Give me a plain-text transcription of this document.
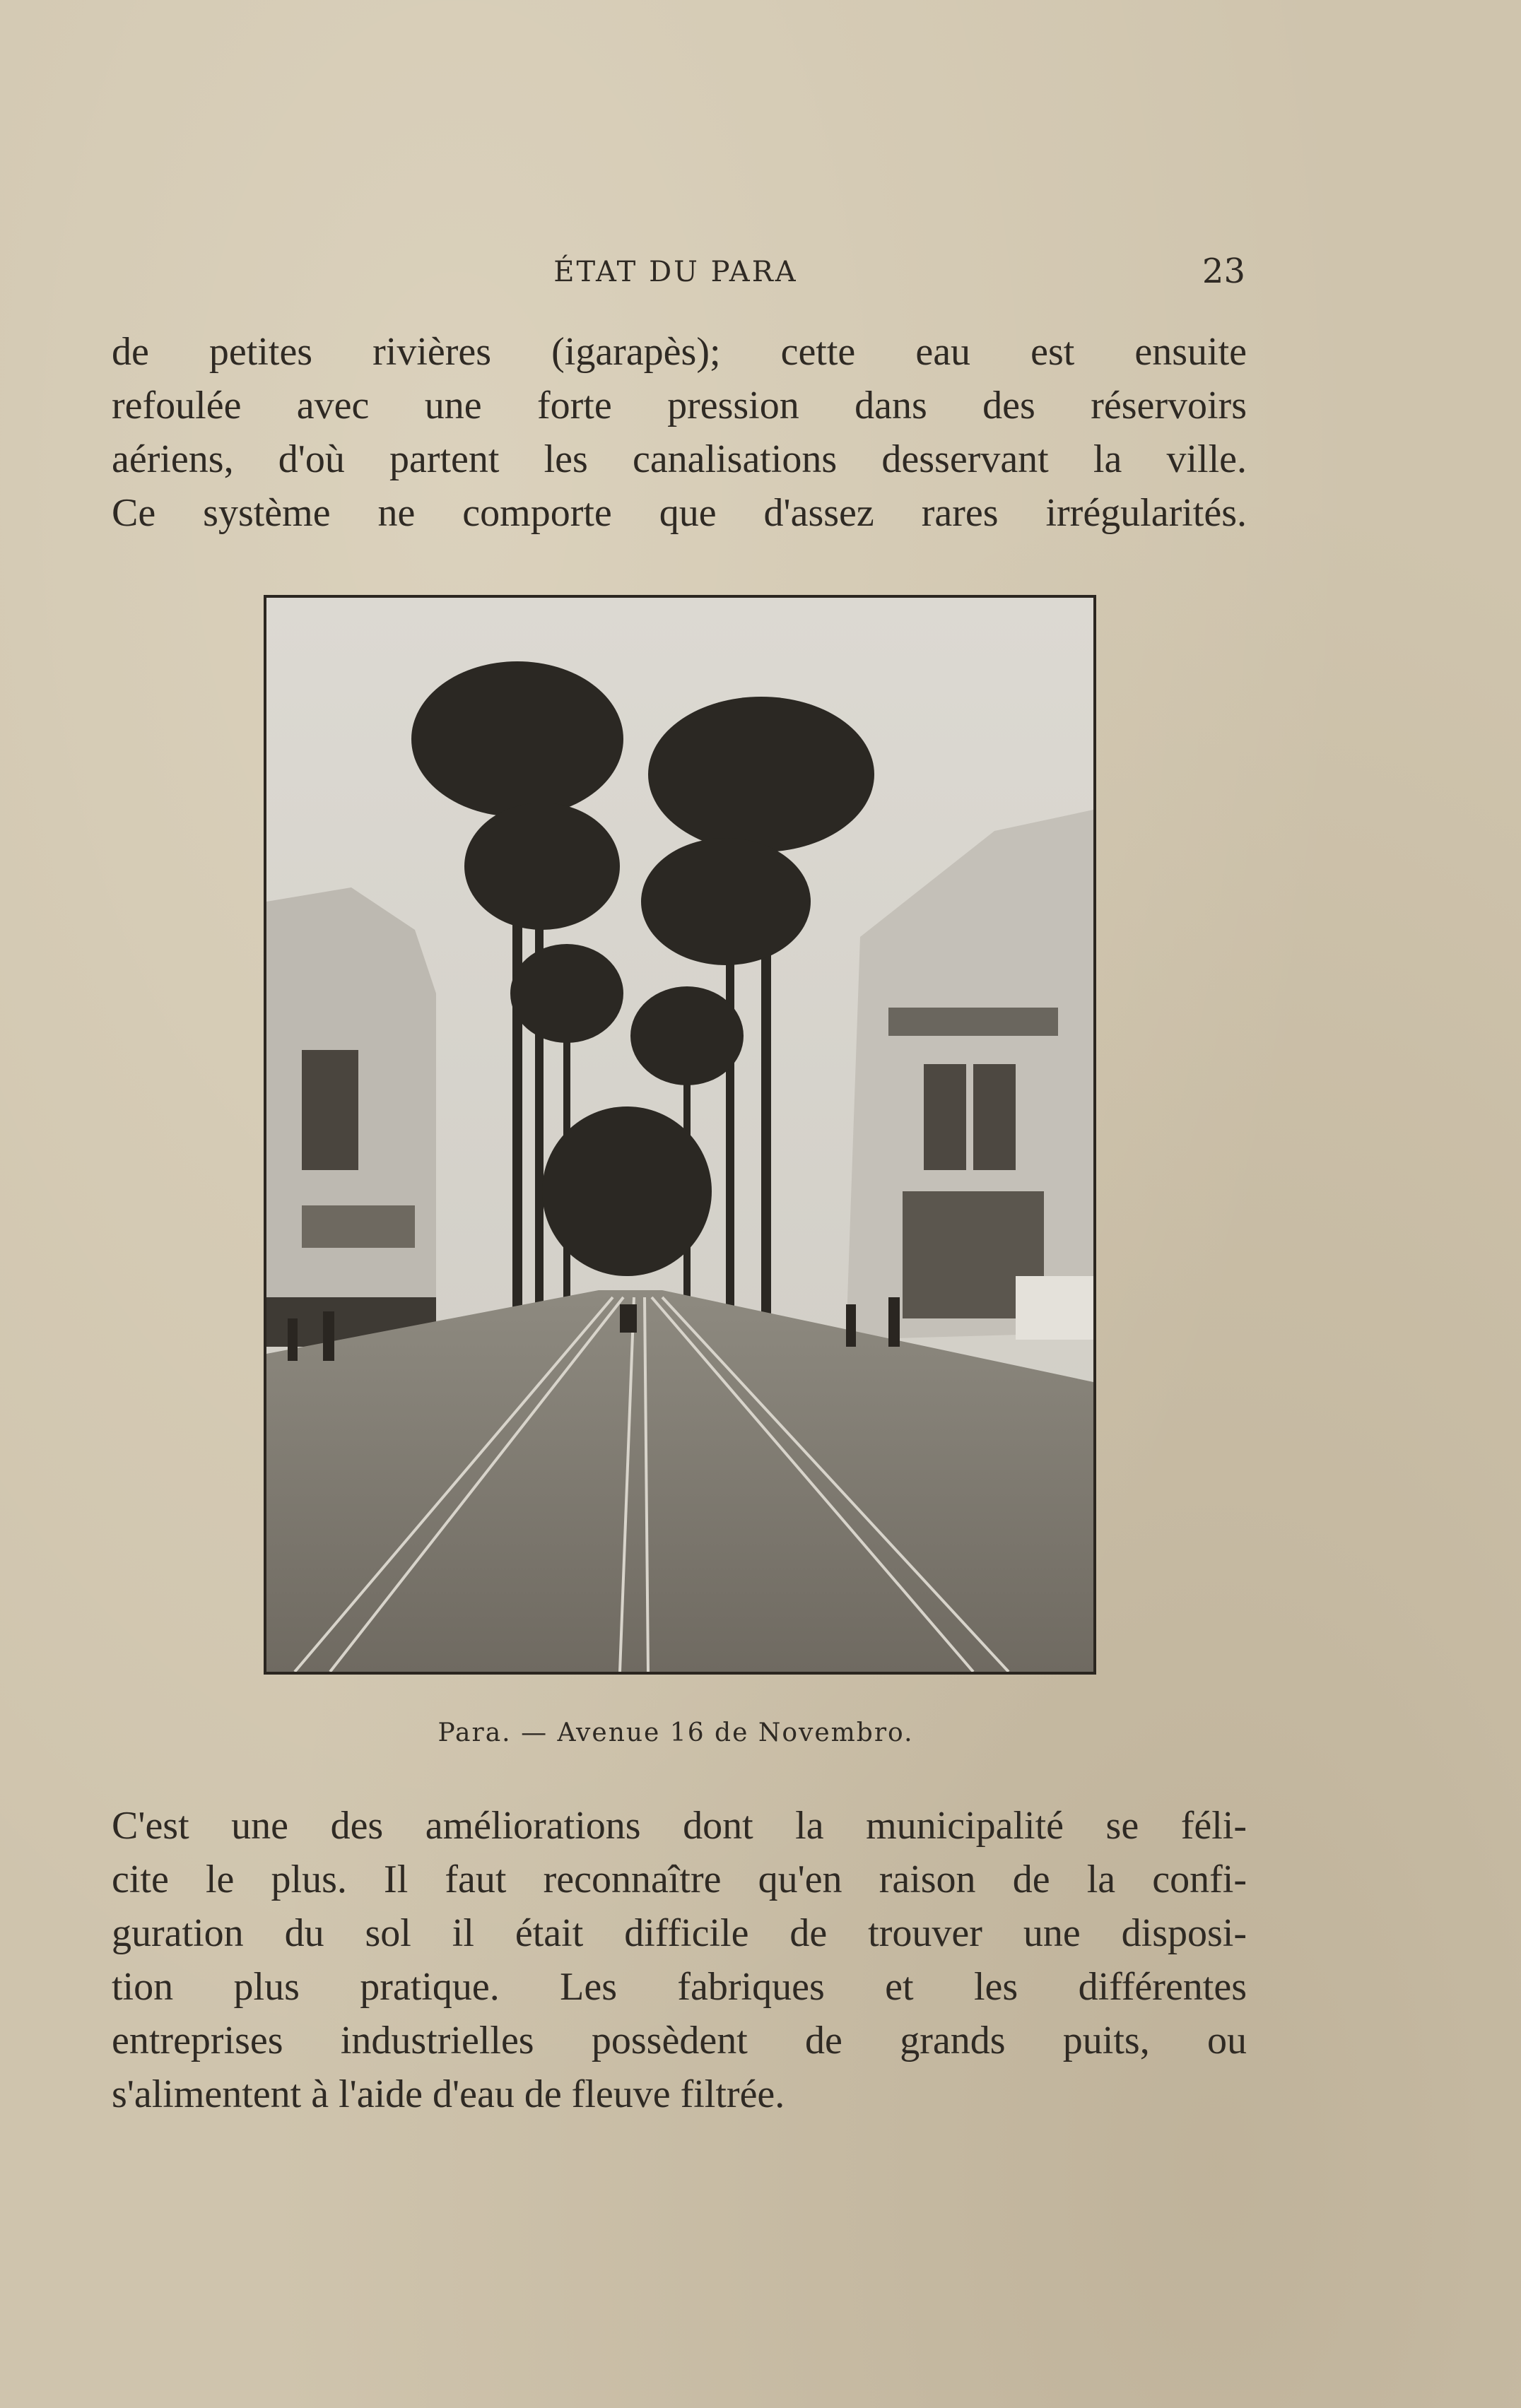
ÉTAT DU PARA	23
de petites rivières (igarapès); cette eau est ensuite
refoulée avec une forte pression dans des réservoirs
aériens, d'où partent les canalisations desservant la ville.
Ce système ne comporte que d'assez rares irrégularités.
Para. — Avenue 16 de Novembro.
C'est une des améliorations dont la municipalité se féli-
cite le plus. Il faut reconnaître qu'en raison de la confi-
guration du sol il était difficile de trouver une disposi-
tion plus pratique. Les fabriques et les différentes
entreprises industrielles possèdent de grands puits, ou
s'alimentent à l'aide d'eau de fleuve filtrée.
